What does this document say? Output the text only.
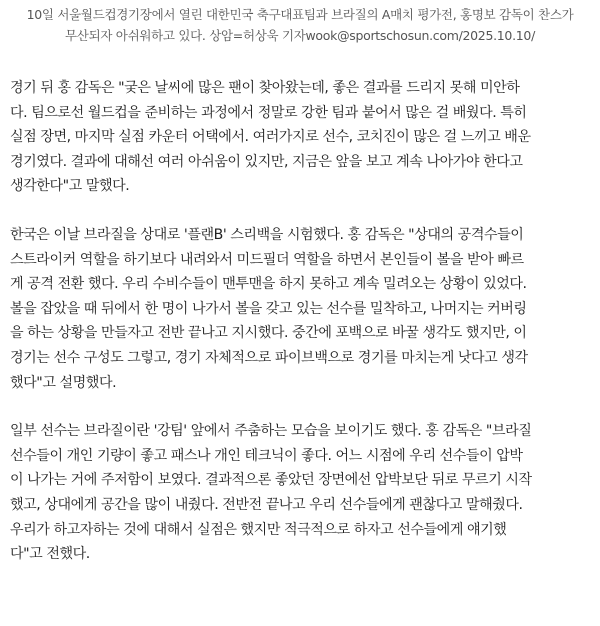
10일 서울월드컵경기장에서 열린 대한민국 축구대표팀과 브라질의 A매치 평가전, 홍명보 감독이 찬스가
무산되자 아쉬워하고 있다. 상암=허상욱 기자wook@sportschosun.com/2025.10.10/

경기 뒤 홍 감독은 "궂은 날씨에 많은 팬이 찾아왔는데, 좋은 결과를 드리지 못해 미안하
다. 팀으로선 월드컵을 준비하는 과정에서 정말로 강한 팀과 붙어서 많은 걸 배웠다. 특히
실점 장면, 마지막 실점 카운터 어택에서. 여러가지로 선수, 코치진이 많은 걸 느끼고 배운
경기였다. 결과에 대해선 여러 아쉬움이 있지만, 지금은 앞을 보고 계속 나아가야 한다고
생각한다"고 말했다.

한국은 이날 브라질을 상대로 '플랜B' 스리백을 시험했다. 홍 감독은 "상대의 공격수들이
스트라이커 역할을 하기보다 내려와서 미드필더 역할을 하면서 본인들이 볼을 받아 빠르
게 공격 전환 했다. 우리 수비수들이 맨투맨을 하지 못하고 계속 밀려오는 상황이 있었다.
볼을 잡았을 때 뒤에서 한 명이 나가서 볼을 갖고 있는 선수를 밀착하고, 나머지는 커버링
을 하는 상황을 만들자고 전반 끝나고 지시했다. 중간에 포백으로 바꿀 생각도 했지만, 이
경기는 선수 구성도 그렇고, 경기 자체적으로 파이브백으로 경기를 마치는게 낫다고 생각
했다"고 설명했다.

일부 선수는 브라질이란 '강팀' 앞에서 주춤하는 모습을 보이기도 했다. 홍 감독은 "브라질
선수들이 개인 기량이 좋고 패스나 개인 테크닉이 좋다. 어느 시점에 우리 선수들이 압박
이 나가는 거에 주저함이 보였다. 결과적으론 좋았던 장면에선 압박보단 뒤로 무르기 시작
했고, 상대에게 공간을 많이 내줬다. 전반전 끝나고 우리 선수들에게 괜찮다고 말해줬다.
우리가 하고자하는 것에 대해서 실점은 했지만 적극적으로 하자고 선수들에게 얘기했
다"고 전했다.
